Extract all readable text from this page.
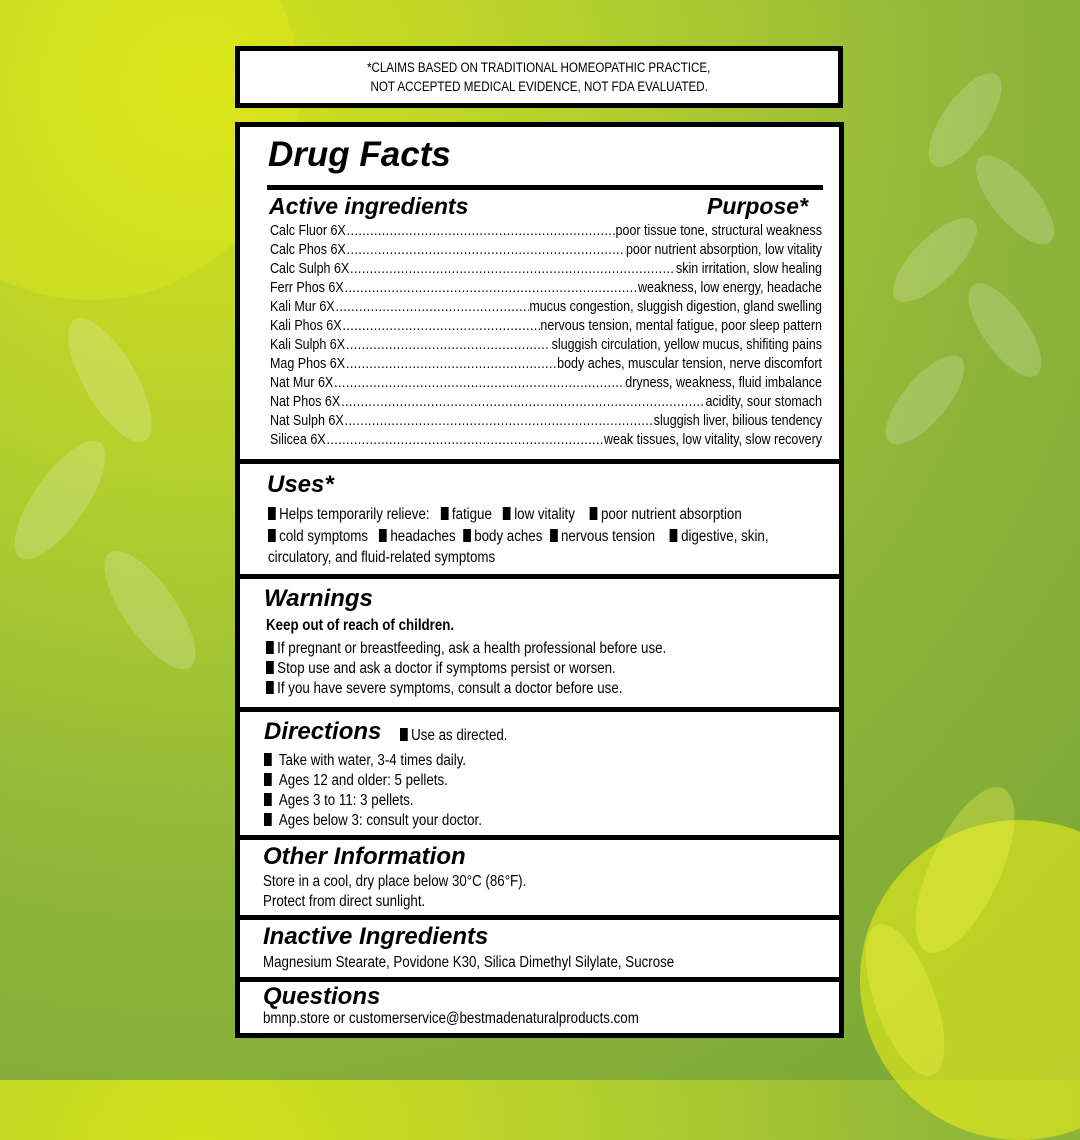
*CLAIMS BASED ON TRADITIONAL HOMEOPATHIC PRACTICE,
NOT ACCEPTED MEDICAL EVIDENCE, NOT FDA EVALUATED.
Drug Facts
Active ingredients	Purpose*
Calc Fluor 6X .....	poor tissue tone, structural weakness
Calc Phos 6X .....	poor nutrient absorption, low vitality
Calc Sulph 6X .....	skin irritation, slow healing
Ferr Phos 6X .....	weakness, low energy, headache
Kali Mur 6X .....	mucus congestion, sluggish digestion, gland swelling
Kali Phos 6X .....	nervous tension, mental fatigue, poor sleep pattern
Kali Sulph 6X .....	sluggish circulation, yellow mucus, shifiting pains
Mag Phos 6X .....	body aches, muscular tension, nerve discomfort
Nat Mur 6X .....	dryness, weakness, fluid imbalance
Nat Phos 6X .....	acidity, sour stomach
Nat Sulph 6X .....	sluggish liver, bilious tendency
Silicea 6X .....	weak tissues, low vitality, slow recovery
Uses*
Helps temporarily relieve: fatigue low vitality poor nutrient absorption
cold symptoms headaches body aches nervous tension digestive, skin,
circulatory, and fluid-related symptoms
Warnings
Keep out of reach of children.
If pregnant or breastfeeding, ask a health professional before use.
Stop use and ask a doctor if symptoms persist or worsen.
If you have severe symptoms, consult a doctor before use.
Directions	Use as directed.
Take with water, 3-4 times daily.
Ages 12 and older: 5 pellets.
Ages 3 to 11: 3 pellets.
Ages below 3: consult your doctor.
Other Information
Store in a cool, dry place below 30°C (86°F).
Protect from direct sunlight.
Inactive Ingredients
Magnesium Stearate, Povidone K30, Silica Dimethyl Silylate, Sucrose
Questions
bmnp.store or customerservice@bestmadenaturalproducts.com
